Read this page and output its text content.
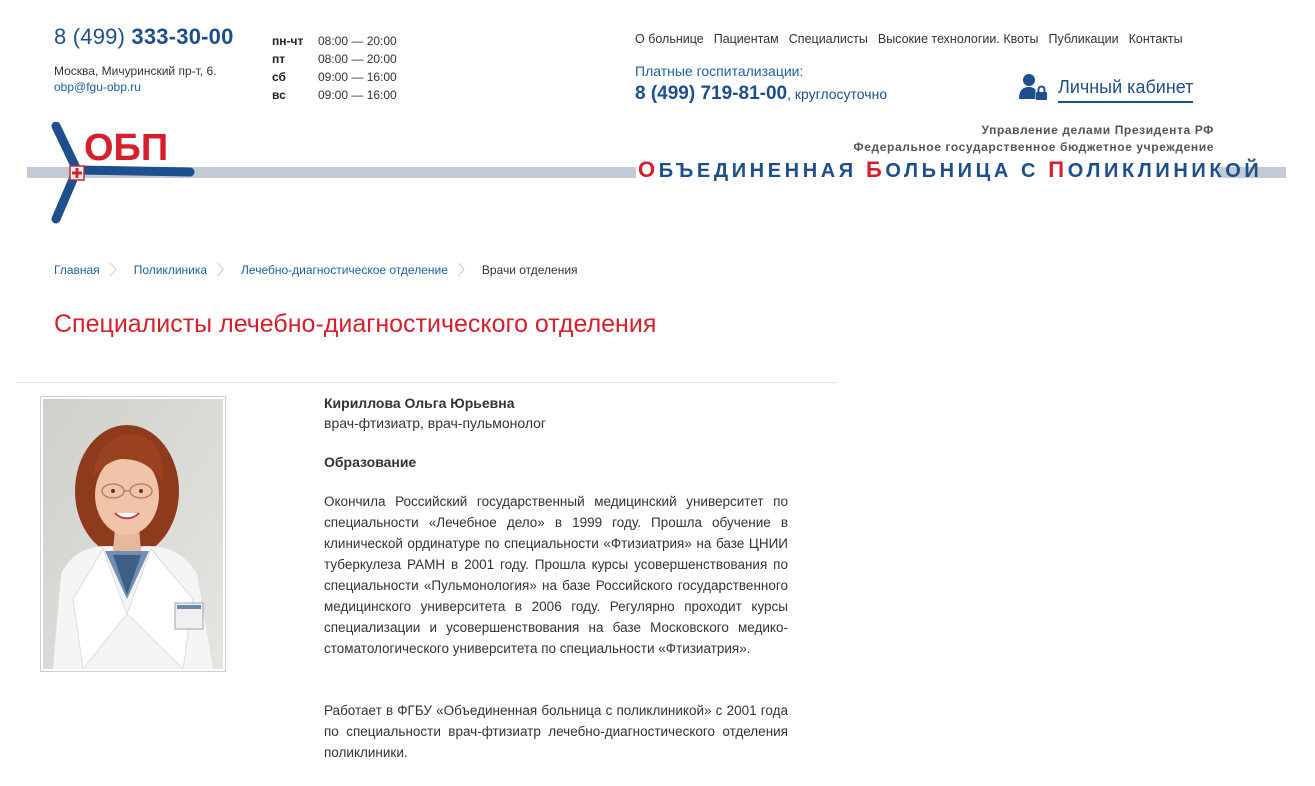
8 (499) 333-30-00
Москва, Мичуринский пр-т, 6.
obp@fgu-obp.ru
пн-чт	08:00 — 20:00
пт	08:00 — 20:00
сб	09:00 — 16:00
вс	09:00 — 16:00
О больнице Пациентам Специалисты Высокие технологии. Квоты Публикации Контакты
Платные госпитализации:
8 (499) 719-81-00, круглосуточно	Личный кабинет
ОБП	Управление делами Президента РФ
Федеральное государственное бюджетное учреждение
ОБЪЕДИНЕННАЯ БОЛЬНИЦА С ПОЛИКЛИНИКОЙ
Главная 〉 Поликлиника 〉 Лечебно-диагностическое отделение 〉 Врачи отделения
Специалисты лечебно-диагностического отделения
Кириллова Ольга Юрьевна
врач-фтизиатр, врач-пульмонолог
Образование

Окончила Российский государственный медицинский университет по специальности «Лечебное дело» в 1999 году. Прошла обучение в клинической ординатуре по специальности «Фтизиатрия» на базе ЦНИИ туберкулеза РАМН в 2001 году. Прошла курсы усовершенствования по специальности «Пульмонология» на базе Российского государственного медицинского университета в 2006 году. Регулярно проходит курсы специализации и усовершенствования на базе Московского медико-стоматологического университета по специальности «Фтизиатрия».

Работает в ФГБУ «Объединенная больница с поликлиникой» с 2001 года по специальности врач-фтизиатр лечебно-диагностического отделения поликлиники.
